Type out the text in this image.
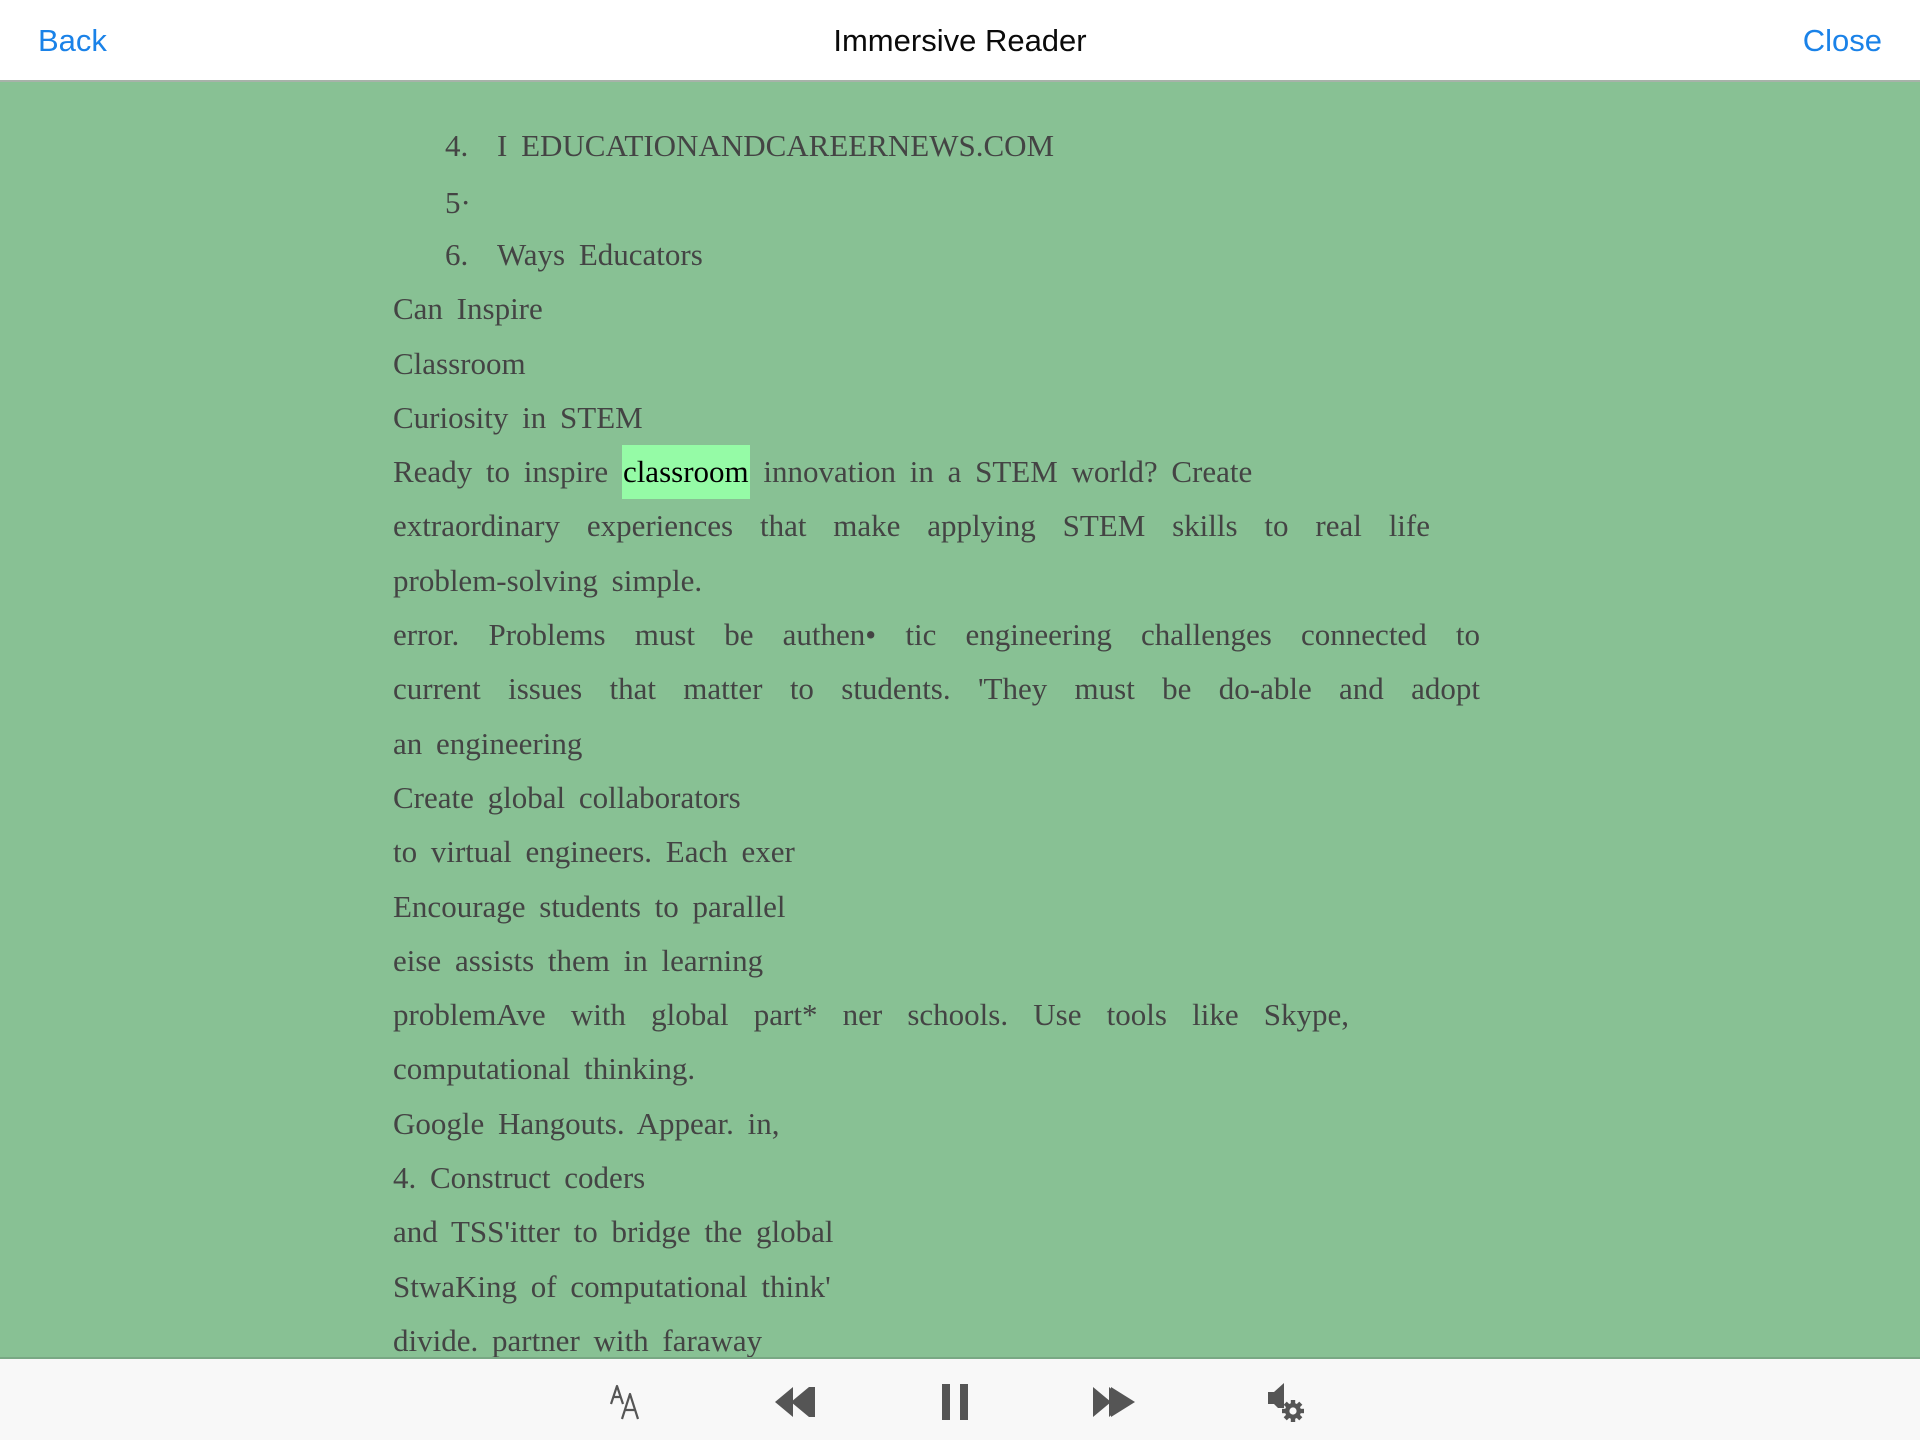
Back	Immersive Reader	Close
4. I EDUCATIONANDCAREERNEWS.COM
5·
6. Ways Educators
Can Inspire
Classroom
Curiosity in STEM
Ready to inspire classroom innovation in a STEM world? Create
extraordinary experiences that make applying STEM skills to real life
problem-solving simple.
error. Problems must be authen• tic engineering challenges connected to
current issues that matter to students. 'They must be do-able and adopt
an engineering
Create global collaborators
to virtual engineers. Each exer
Encourage students to parallel
eise assists them in learning
problemAve with global part* ner schools. Use tools like Skype,
computational thinking.
Google Hangouts. Appear. in,
4. Construct coders
and TSS'itter to bridge the global
StwaKing of computational think'
divide. partner with faraway
